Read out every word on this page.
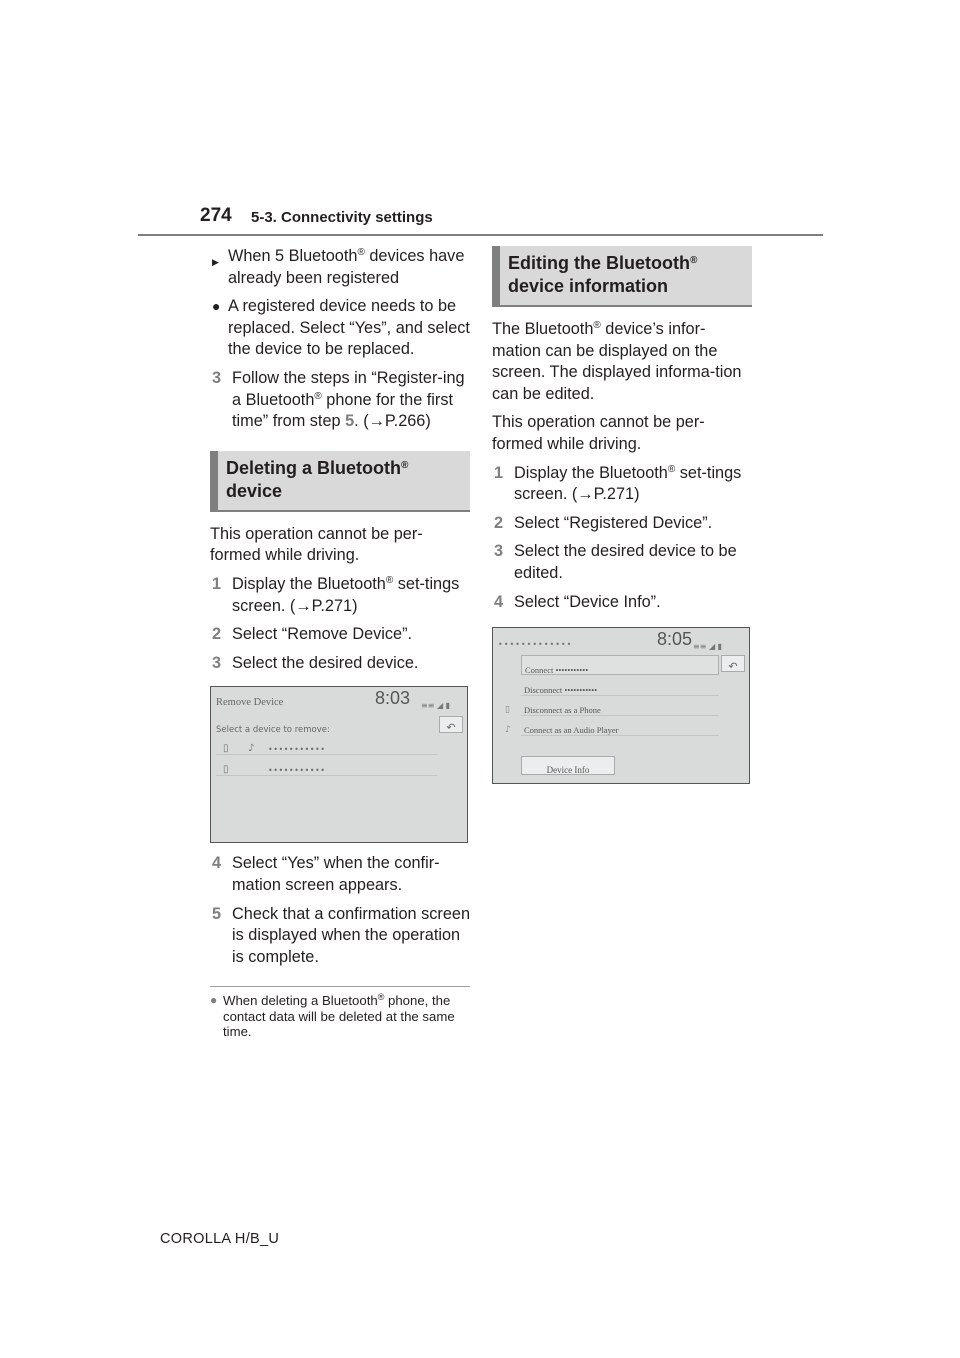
274 5-3. Connectivity settings
▶ When 5 Bluetooth® devices have already been registered
● A registered device needs to be replaced. Select “Yes”, and select the device to be replaced.
3 Follow the steps in “Register-ing a Bluetooth® phone for the first time” from step 5. (→P.266)
Deleting a Bluetooth®
device
This operation cannot be per-formed while driving.
1 Display the Bluetooth® set-tings screen. (→P.271)
2 Select “Remove Device”.
3 Select the desired device.
Remove Device	8:03 ≡≡ ◢ ▮
Select a device to remove:	↶
▯ ♪ •••••••••••
▯	•••••••••••
4 Select “Yes” when the confir-mation screen appears.
5 Check that a confirmation screen is displayed when the operation is complete.
● When deleting a Bluetooth® phone, the contact data will be deleted at the same time.
Editing the Bluetooth®
device information
The Bluetooth® device’s infor-mation can be displayed on the screen. The displayed informa-tion can be edited.
This operation cannot be per-formed while driving.
1 Display the Bluetooth® set-tings screen. (→P.271)
2 Select “Registered Device”.
3 Select the desired device to be edited.
4 Select “Device Info”.
•••••••••••••	8:05 ≡≡ ◢ ▮
↶
Connect •••••••••••
Disconnect •••••••••••
▯	Disconnect as a Phone
♪	Connect as an Audio Player
Device Info
COROLLA H/B_U
